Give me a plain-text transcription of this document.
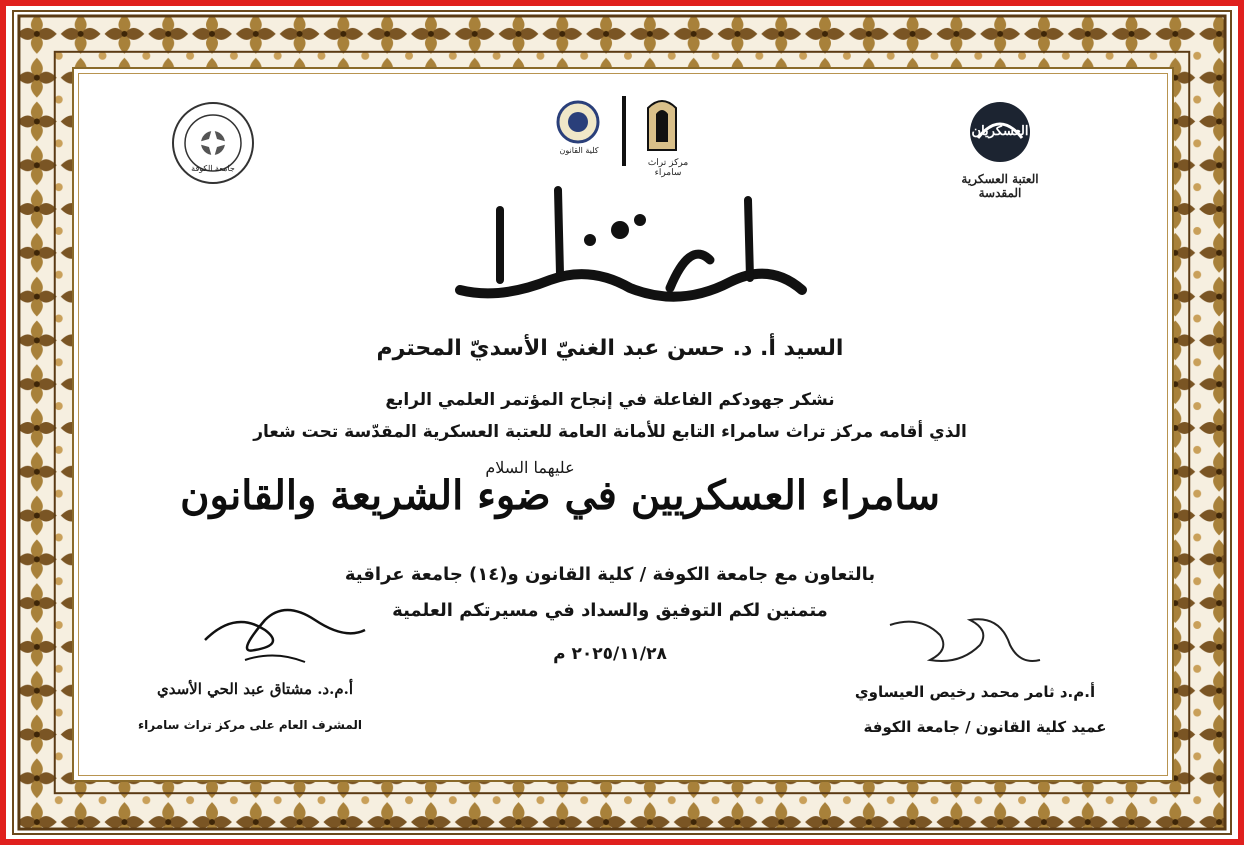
العسكريان
العتبة العسكرية المقدسة
مركز تراث سامراء
كلية القانون
جامعة الكوفة
السيد أ. د. حسن عبد الغنيّ الأسديّ المحترم
نشكر جهودكم الفاعلة في إنجاح المؤتمر العلمي الرابع
الذي أقامه مركز تراث سامراء التابع للأمانة العامة للعتبة العسكرية المقدّسة تحت شعار
عليهما السلام
سامراء العسكريين في ضوء الشريعة والقانون
بالتعاون مع جامعة الكوفة / كلية القانون و(١٤) جامعة عراقية
متمنين لكم التوفيق والسداد في مسيرتكم العلمية
٢٠٢٥/١١/٢٨ م
أ.م.د. مشتاق عبد الحي الأسدي
المشرف العام على مركز تراث سامراء
أ.م.د ثامر محمد رخيص العيساوي
عميد كلية القانون / جامعة الكوفة
